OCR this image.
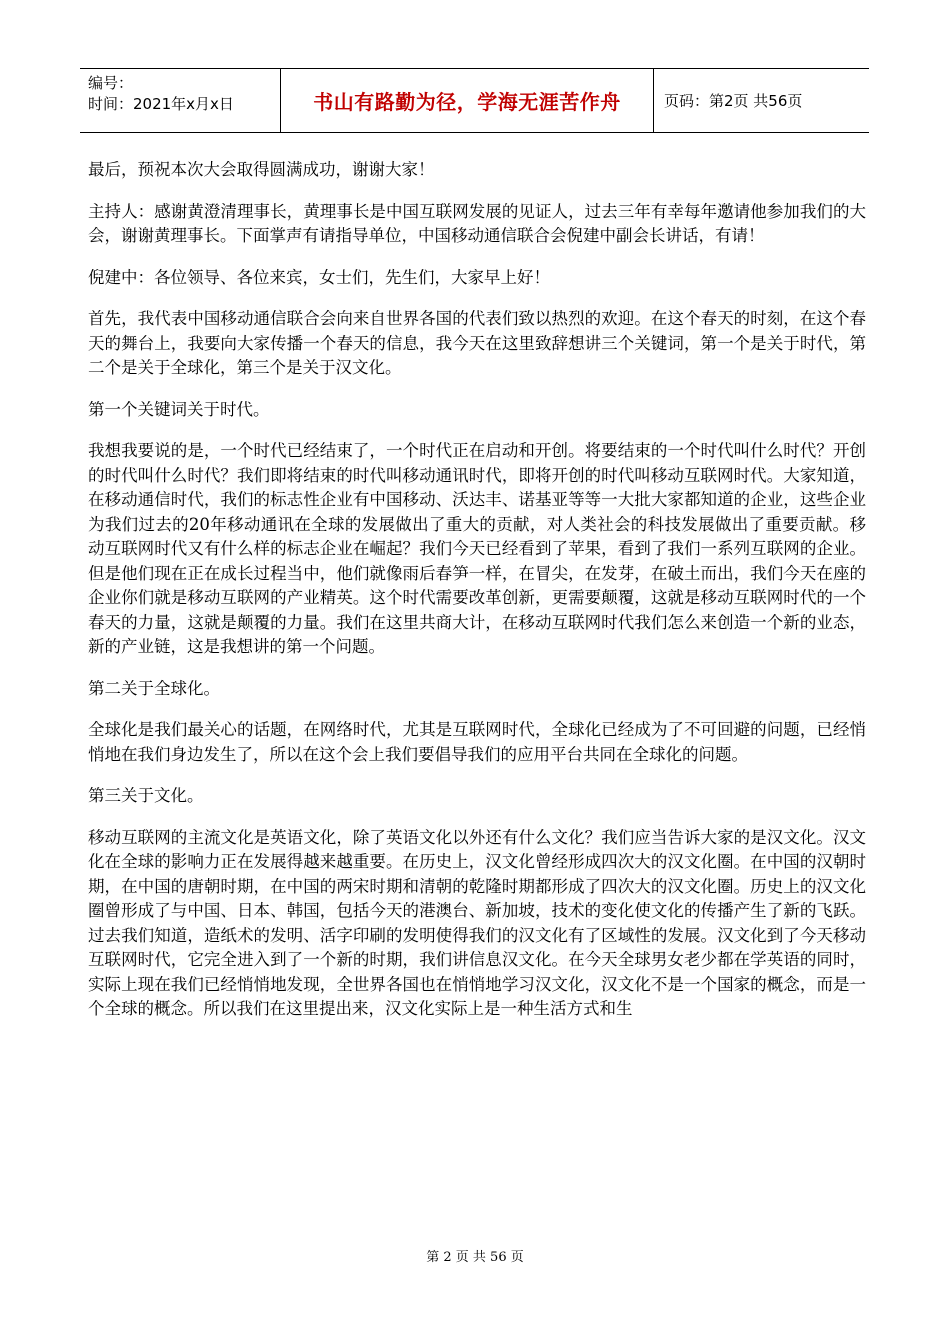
编号：
时间：2021年x月x日	书山有路勤为径，学海无涯苦作舟	页码：第2页 共56页

最后，预祝本次大会取得圆满成功，谢谢大家！

主持人：感谢黄澄清理事长，黄理事长是中国互联网发展的见证人，过去三年有幸每年邀请他参加我们的大会，谢谢黄理事长。下面掌声有请指导单位，中国移动通信联合会倪建中副会长讲话，有请！

倪建中：各位领导、各位来宾，女士们，先生们，大家早上好！

首先，我代表中国移动通信联合会向来自世界各国的代表们致以热烈的欢迎。在这个春天的时刻，在这个春天的舞台上，我要向大家传播一个春天的信息，我今天在这里致辞想讲三个关键词，第一个是关于时代，第二个是关于全球化，第三个是关于汉文化。

第一个关键词关于时代。

我想我要说的是，一个时代已经结束了，一个时代正在启动和开创。将要结束的一个时代叫什么时代？开创的时代叫什么时代？我们即将结束的时代叫移动通讯时代，即将开创的时代叫移动互联网时代。大家知道，在移动通信时代，我们的标志性企业有中国移动、沃达丰、诺基亚等等一大批大家都知道的企业，这些企业为我们过去的20年移动通讯在全球的发展做出了重大的贡献，对人类社会的科技发展做出了重要贡献。移动互联网时代又有什么样的标志企业在崛起？我们今天已经看到了苹果，看到了我们一系列互联网的企业。但是他们现在正在成长过程当中，他们就像雨后春笋一样，在冒尖，在发芽，在破土而出，我们今天在座的企业你们就是移动互联网的产业精英。这个时代需要改革创新，更需要颠覆，这就是移动互联网时代的一个春天的力量，这就是颠覆的力量。我们在这里共商大计，在移动互联网时代我们怎么来创造一个新的业态，新的产业链，这是我想讲的第一个问题。

第二关于全球化。

全球化是我们最关心的话题，在网络时代，尤其是互联网时代，全球化已经成为了不可回避的问题，已经悄悄地在我们身边发生了，所以在这个会上我们要倡导我们的应用平台共同在全球化的问题。

第三关于文化。

移动互联网的主流文化是英语文化，除了英语文化以外还有什么文化？我们应当告诉大家的是汉文化。汉文化在全球的影响力正在发展得越来越重要。在历史上，汉文化曾经形成四次大的汉文化圈。在中国的汉朝时期，在中国的唐朝时期，在中国的两宋时期和清朝的乾隆时期都形成了四次大的汉文化圈。历史上的汉文化圈曾形成了与中国、日本、韩国，包括今天的港澳台、新加坡，技术的变化使文化的传播产生了新的飞跃。过去我们知道，造纸术的发明、活字印刷的发明使得我们的汉文化有了区域性的发展。汉文化到了今天移动互联网时代，它完全进入到了一个新的时期，我们讲信息汉文化。在今天全球男女老少都在学英语的同时，实际上现在我们已经悄悄地发现，全世界各国也在悄悄地学习汉文化，汉文化不是一个国家的概念，而是一个全球的概念。所以我们在这里提出来，汉文化实际上是一种生活方式和生

第 2 页 共 56 页
